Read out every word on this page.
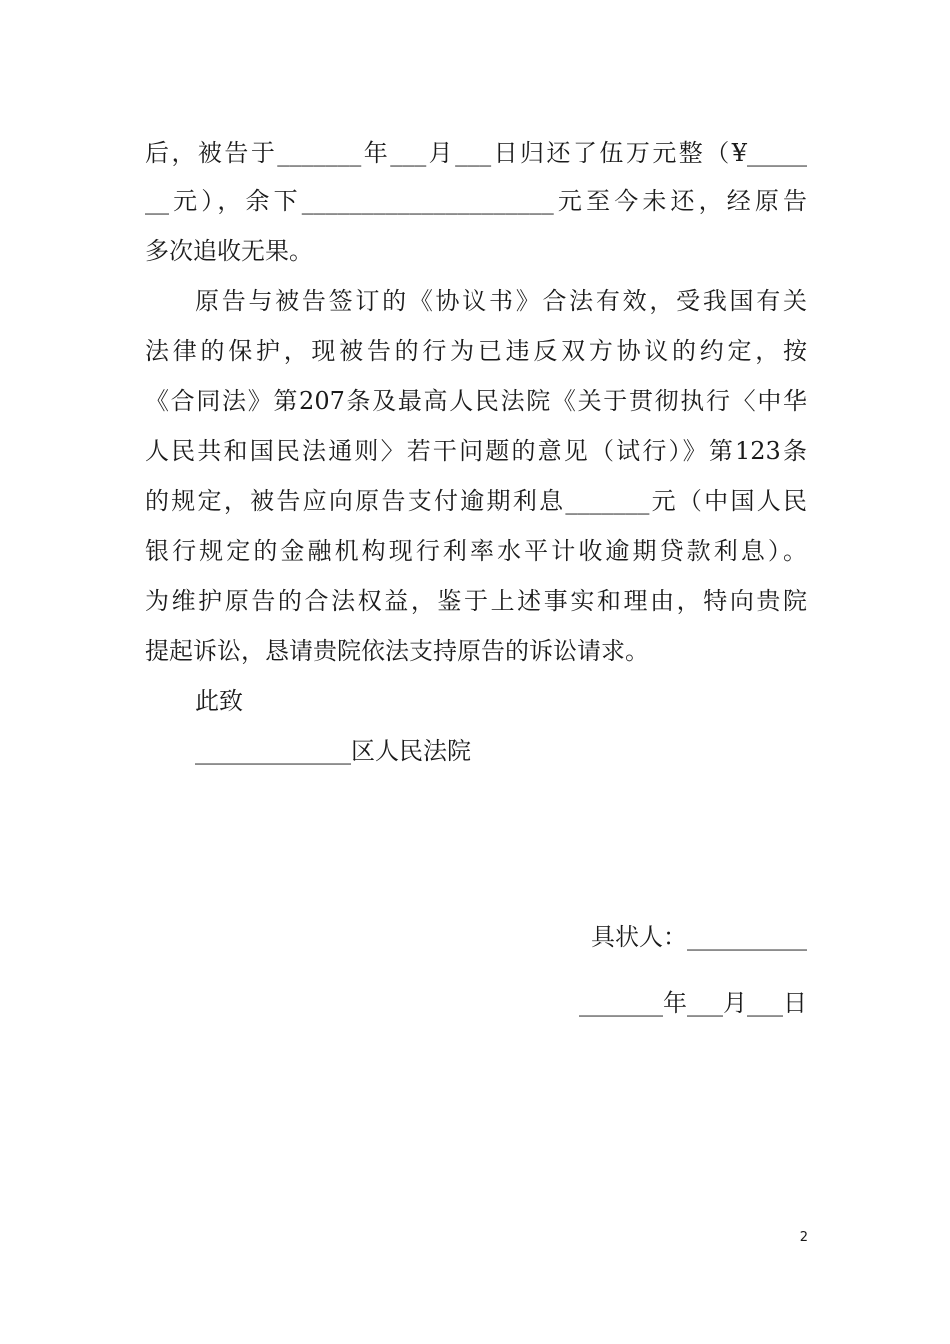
后，被告于_______年___月___日归还了伍万元整（¥_____
__元），余下_____________________元至今未还，经原告
多次追收无果。
原告与被告签订的《协议书》合法有效，受我国有关
法律的保护，现被告的行为已违反双方协议的约定，按
《合同法》第207条及最高人民法院《关于贯彻执行〈中华
人民共和国民法通则〉若干问题的意见（试行）》第123条
的规定，被告应向原告支付逾期利息_______元（中国人民
银行规定的金融机构现行利率水平计收逾期贷款利息）。
为维护原告的合法权益，鉴于上述事实和理由，特向贵院
提起诉讼，恳请贵院依法支持原告的诉讼请求。
此致
_____________区人民法院
具状人：__________
_______年___月___日
2
